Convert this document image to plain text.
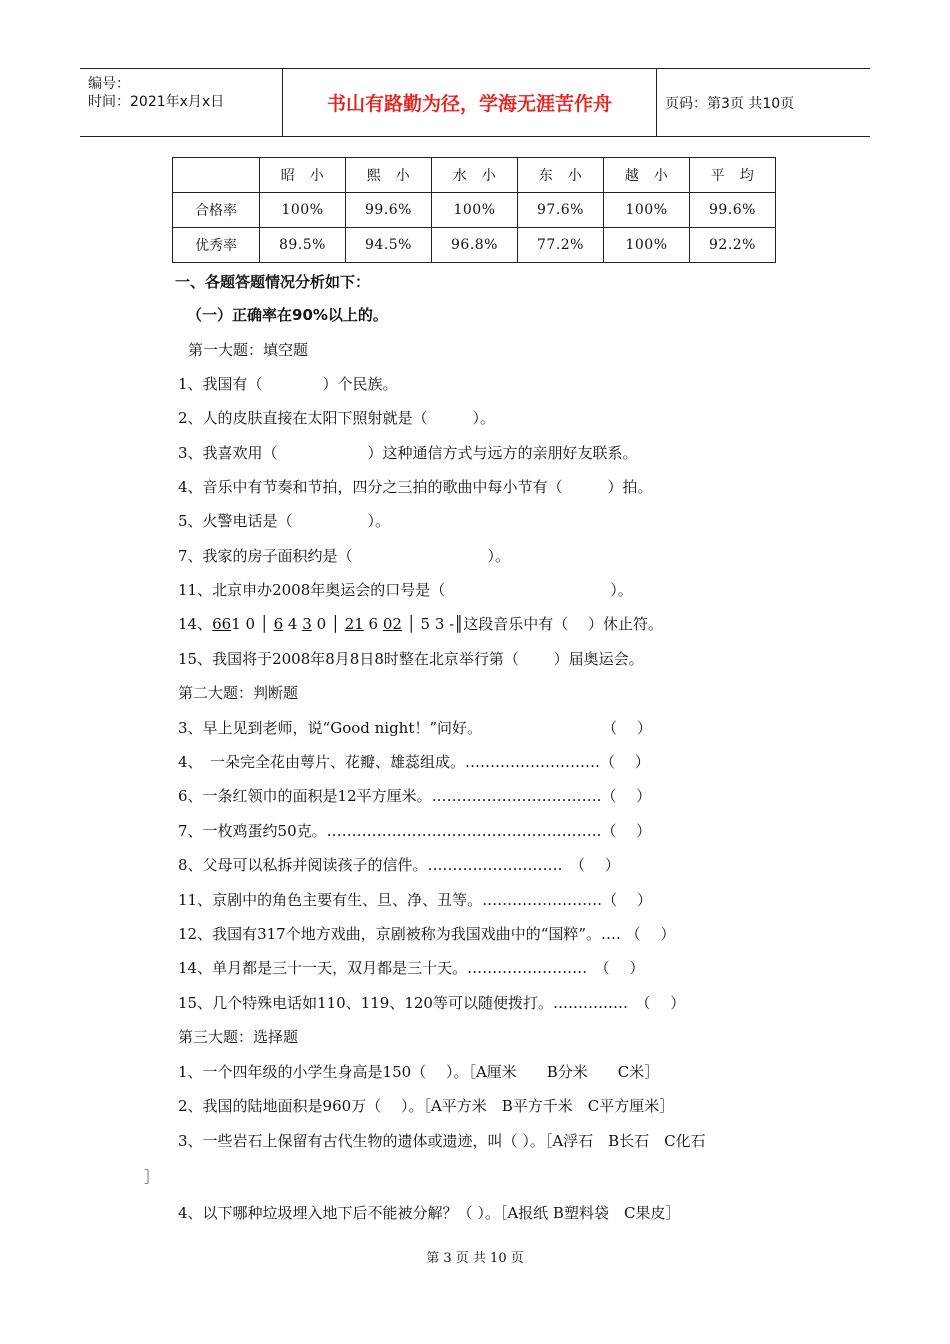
编号：
时间：2021年x月x日	书山有路勤为径，学海无涯苦作舟	页码：第3页 共10页
	昭　小	熙　小	水　小	东　小	越　小	平　均
合格率	100%	99.6%	100%	97.6%	100%	99.6%
优秀率	89.5%	94.5%	96.8%	77.2%	100%	92.2%
一、各题答题情况分析如下：
（一）正确率在90%以上的。
第一大题：填空题
1、我国有（　　　　）个民族。
2、人的皮肤直接在太阳下照射就是（　　　）。
3、我喜欢用（　　　　　　）这种通信方式与远方的亲朋好友联系。
4、音乐中有节奏和节拍，四分之三拍的歌曲中每小节有（　　　）拍。
5、火警电话是（　　　　　）。
7、我家的房子面积约是（　　　　　　　　　）。
11、北京申办2008年奥运会的口号是（　　　　　　　　　　　）。
14、661 0 │ 6 4 3 0 │ 21 6 02 │ 5 3 -║这段音乐中有（　 ）休止符。
15、我国将于2008年8月8日8时整在北京举行第（　　 ）届奥运会。
第二大题：判断题
3、早上见到老师，说“Good night！”问好。　　　　　　　　　（　 ）
4、　一朵完全花由萼片、花瓣、雄蕊组成。………………………（　 ）
6、一条红领巾的面积是12平方厘米。…………………………….（　 ）
7、一枚鸡蛋约50克。……………………………………………….（　 ）
8、父母可以私拆并阅读孩子的信件。………………………　（　 ）
11、京剧中的角色主要有生、旦、净、丑等。……………………（　 ）
12、我国有317个地方戏曲，京剧被称为我国戏曲中的“国粹”。…. （　 ）
14、单月都是三十一天，双月都是三十天。……………………　（　 ）
15、几个特殊电话如110、119、120等可以随便拨打。……………　（　 ）
第三大题：选择题
1、一个四年级的小学生身高是150（　 ）。［A厘米　　B分米　　C米］
2、我国的陆地面积是960万（　 ）。［A平方米　B平方千米　C平方厘米］
3、一些岩石上保留有古代生物的遗体或遗迹，叫（ ）。［A浮石　B长石　C化石
］
4、以下哪种垃圾埋入地下后不能被分解？（ ）。［A报纸 B塑料袋　C果皮］
第 3 页 共 10 页
